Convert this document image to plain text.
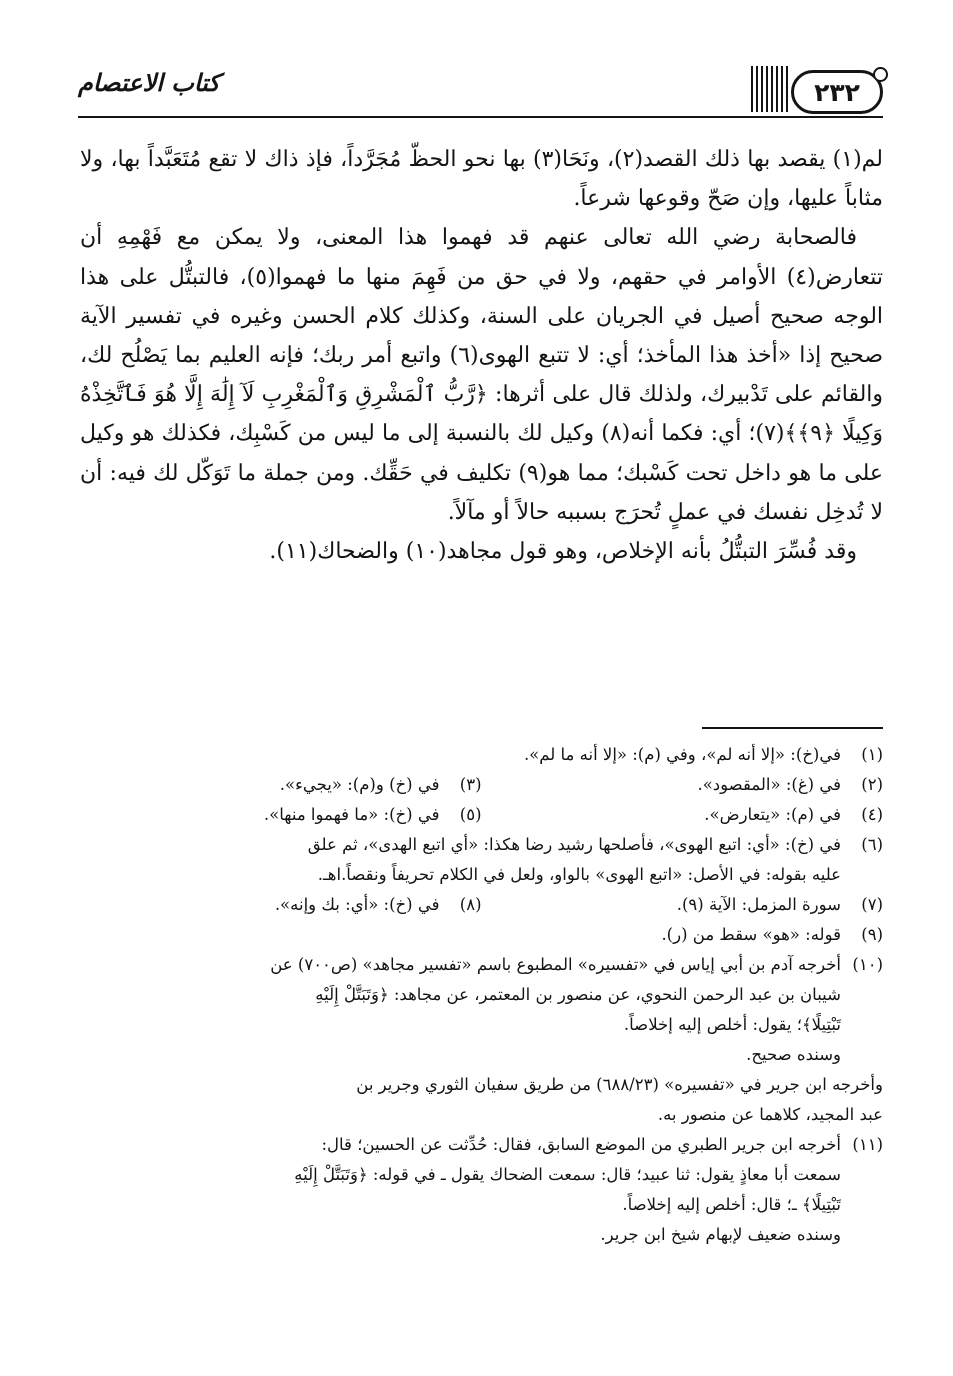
٢٣٢
كتاب الاعتصام

لم(١) يقصد بها ذلك القصد(٢)، ونَحَا(٣) بها نحو الحظّ مُجَرَّداً، فإذ ذاك لا تقع مُتَعَبَّداً بها، ولا مثاباً عليها، وإن صَحّ وقوعها شرعاً.

فالصحابة رضي الله تعالى عنهم قد فهموا هذا المعنى، ولا يمكن مع فَهْمِهِ أن تتعارض(٤) الأوامر في حقهم، ولا في حق من فَهِمَ منها ما فهموا(٥)، فالتبتُّل على هذا الوجه صحيح أصيل في الجريان على السنة، وكذلك كلام الحسن وغيره في تفسير الآية صحيح إذا «أخذ هذا المأخذ؛ أي: لا تتبع الهوى(٦) واتبع أمر ربك؛ فإنه العليم بما يَصْلُح لك، والقائم على تَدْبيرك، ولذلك قال على أثرها: ﴿رَّبُّ ٱلْمَشْرِقِ وَٱلْمَغْرِبِ لَآ إِلَٰهَ إِلَّا هُوَ فَٱتَّخِذْهُ وَكِيلًا ﴿٩﴾﴾(٧)؛ أي: فكما أنه(٨) وكيل لك بالنسبة إلى ما ليس من كَسْبِك، فكذلك هو وكيل على ما هو داخل تحت كَسْبك؛ مما هو(٩) تكليف في حَقِّك. ومن جملة ما تَوَكّل لك فيه: أن لا تُدخِل نفسك في عملٍ تُحرَج بسببه حالاً أو مآلاً.

وقد فُسِّرَ التبتُّلُ بأنه الإخلاص، وهو قول مجاهد(١٠) والضحاك(١١).

(١)
في(خ): «إلا أنه لم»، وفي (م): «إلا أنه ما لم».
(٢)
في (غ): «المقصود».
(٣)
في (خ) و(م): «يجيء».
(٤)
في (م): «يتعارض».
(٥)
في (خ): «ما فهموا منها».
(٦)
في (خ): «أي: اتبع الهوى»، فأصلحها رشيد رضا هكذا: «أي اتبع الهدى»، ثم علق
عليه بقوله: في الأصل: «اتبع الهوى» بالواو، ولعل في الكلام تحريفاً ونقصاً.اهـ.
(٧)
سورة المزمل: الآية (٩).
(٨)
في (خ): «أي: بك وإنه».
(٩)
قوله: «هو» سقط من (ر).
(١٠)
أخرجه آدم بن أبي إياس في «تفسيره» المطبوع باسم «تفسير مجاهد» (ص٧٠٠) عن
شيبان بن عبد الرحمن النحوي، عن منصور بن المعتمر، عن مجاهد: ﴿وَتَبَتَّلْ إِلَيْهِ
تَبْتِيلًا﴾؛ يقول: أخلص إليه إخلاصاً.
وسنده صحيح.
وأخرجه ابن جرير في «تفسيره» (٦٨٨/٢٣) من طريق سفيان الثوري وجرير بن
عبد المجيد، كلاهما عن منصور به.
(١١)
أخرجه ابن جرير الطبري من الموضع السابق، فقال: حُدِّثت عن الحسين؛ قال:
سمعت أبا معاذٍ يقول: ثنا عبيد؛ قال: سمعت الضحاك يقول ـ في قوله: ﴿وَتَبَتَّلْ إِلَيْهِ
تَبْتِيلًا﴾ ـ؛ قال: أخلص إليه إخلاصاً.
وسنده ضعيف لإبهام شيخ ابن جرير.
